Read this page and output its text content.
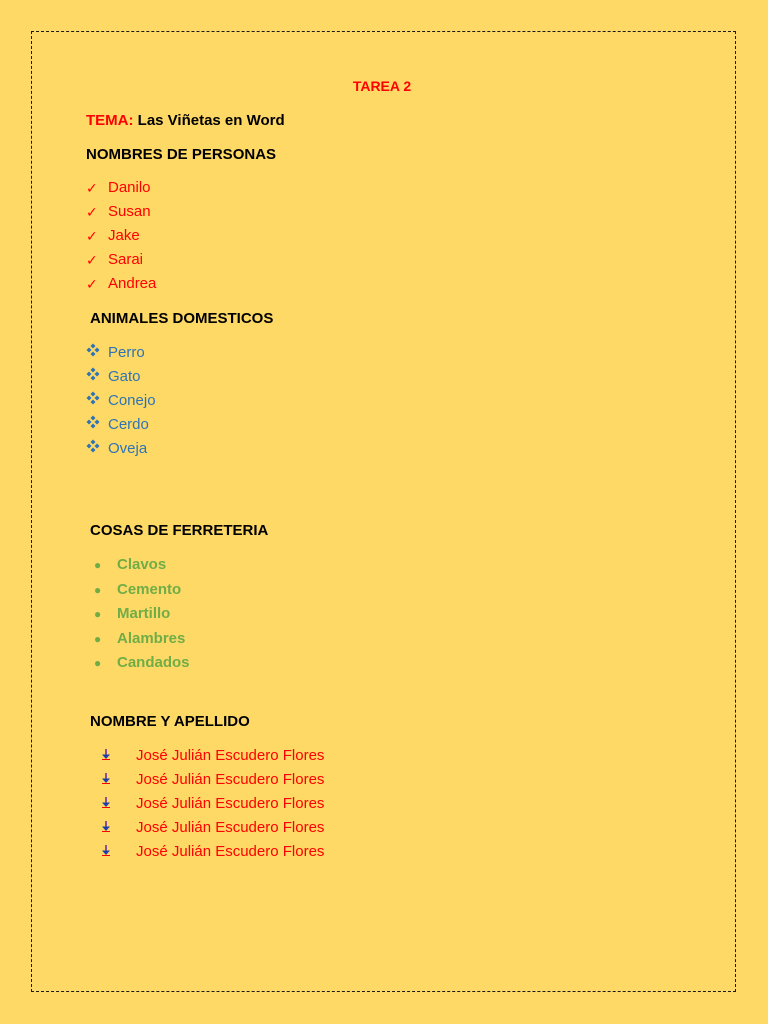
TAREA 2
TEMA: Las Viñetas en Word
NOMBRES DE PERSONAS
✓ Danilo
✓ Susan
✓ Jake
✓ Sarai
✓ Andrea
ANIMALES DOMESTICOS
Perro
Gato
Conejo
Cerdo
Oveja
COSAS DE FERRETERIA
●	Clavos
●	Cemento
●	Martillo
●	Alambres
●	Candados
NOMBRE Y APELLIDO
José Julián Escudero Flores
José Julián Escudero Flores
José Julián Escudero Flores
José Julián Escudero Flores
José Julián Escudero Flores
